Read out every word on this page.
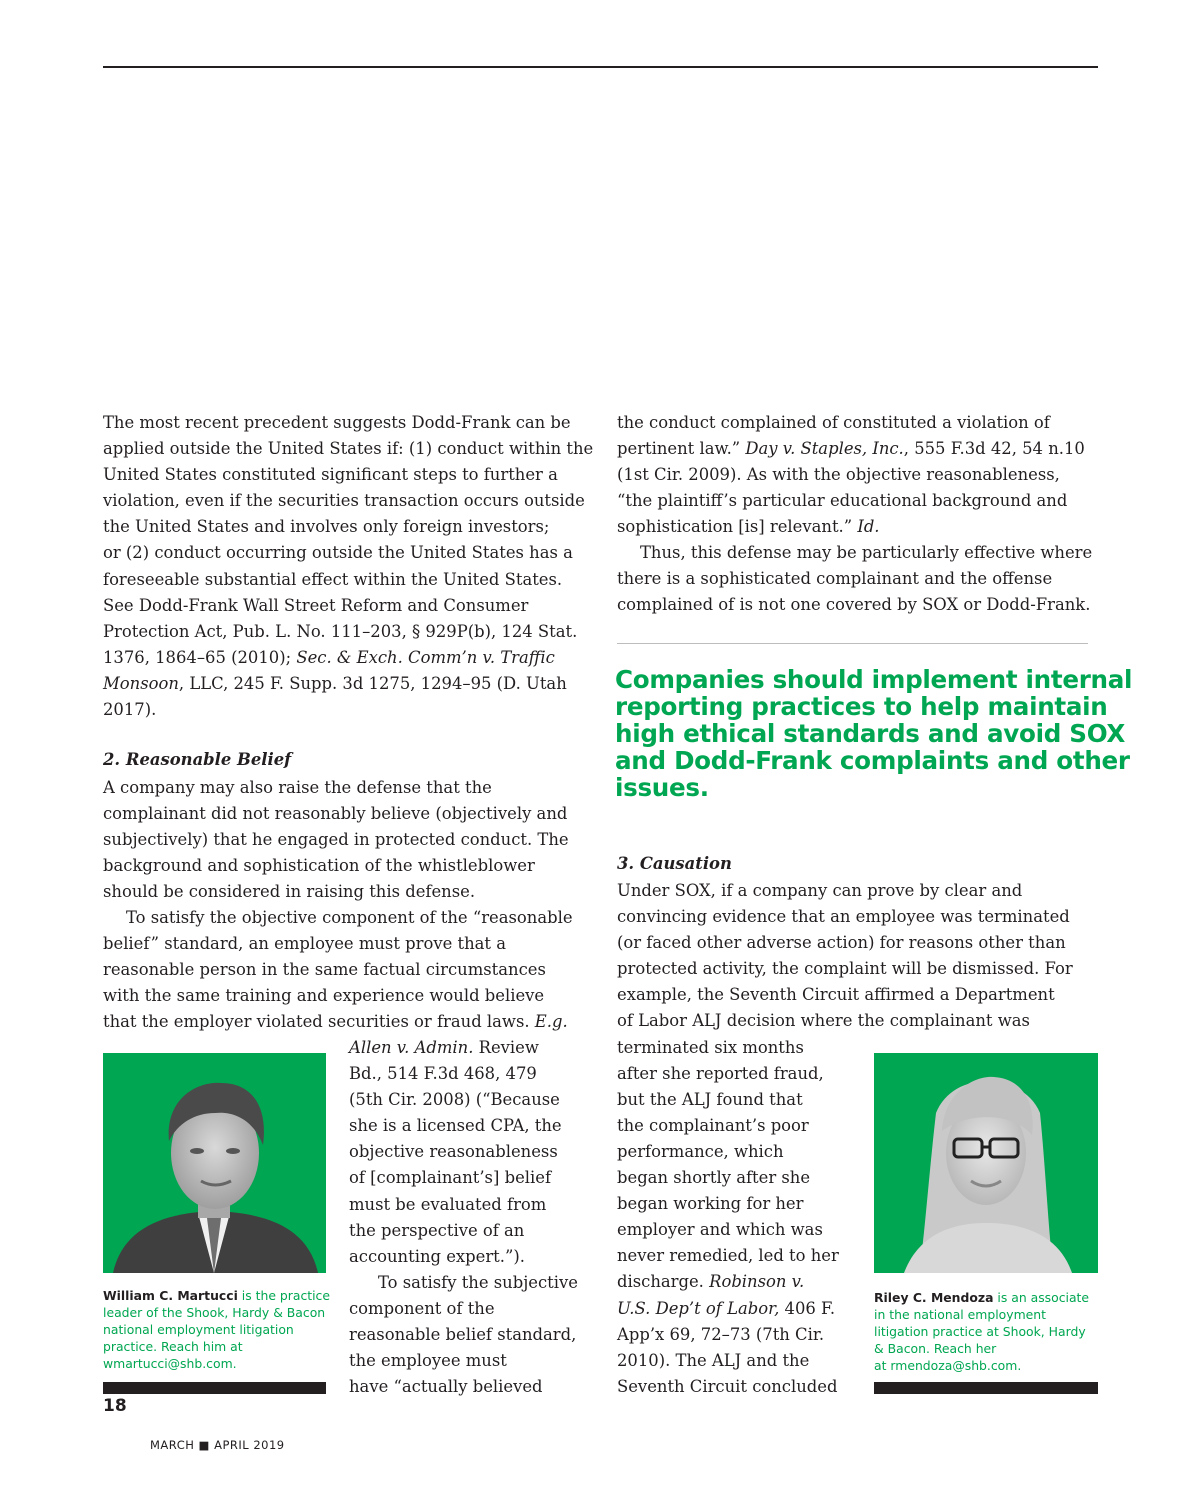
The most recent precedent suggests Dodd-Frank can be
applied outside the United States if: (1) conduct within the
United States constituted significant steps to further a
violation, even if the securities transaction occurs outside
the United States and involves only foreign investors;
or (2) conduct occurring outside the United States has a
foreseeable substantial effect within the United States.
See Dodd-Frank Wall Street Reform and Consumer
Protection Act, Pub. L. No. 111–203, § 929P(b), 124 Stat.
1376, 1864–65 (2010); Sec. & Exch. Comm’n v. Traffic
Monsoon, LLC, 245 F. Supp. 3d 1275, 1294–95 (D. Utah
2017).

2. Reasonable Belief

A company may also raise the defense that the
complainant did not reasonably believe (objectively and
subjectively) that he engaged in protected conduct. The
background and sophistication of the whistleblower
should be considered in raising this defense.

To satisfy the objective component of the “reasonable
belief” standard, an employee must prove that a
reasonable person in the same factual circumstances
with the same training and experience would believe
that the employer violated securities or fraud laws. E.g.

William C. Martucci is the practice
leader of the Shook, Hardy & Bacon
national employment litigation
practice. Reach him at
wmartucci@shb.com.

Allen v. Admin. Review
Bd., 514 F.3d 468, 479
(5th Cir. 2008) (“Because
she is a licensed CPA, the
objective reasonableness
of [complainant’s] belief
must be evaluated from
the perspective of an
accounting expert.”).
To satisfy the subjective
component of the
reasonable belief standard,
the employee must
have “actually believed

the conduct complained of constituted a violation of
pertinent law.” Day v. Staples, Inc., 555 F.3d 42, 54 n.10
(1st Cir. 2009). As with the objective reasonableness,
“the plaintiff’s particular educational background and
sophistication [is] relevant.” Id.

Thus, this defense may be particularly effective where
there is a sophisticated complainant and the offense
complained of is not one covered by SOX or Dodd-Frank.

Companies should implement internal
reporting practices to help maintain
high ethical standards and avoid SOX
and Dodd-Frank complaints and other
issues.

3. Causation

Under SOX, if a company can prove by clear and
convincing evidence that an employee was terminated
(or faced other adverse action) for reasons other than
protected activity, the complaint will be dismissed. For
example, the Seventh Circuit affirmed a Department
of Labor ALJ decision where the complainant was
terminated six months
after she reported fraud,
but the ALJ found that
the complainant’s poor
performance, which
began shortly after she
began working for her
employer and which was
never remedied, led to her
discharge. Robinson v.
U.S. Dep’t of Labor, 406 F.
App’x 69, 72–73 (7th Cir.
2010). The ALJ and the
Seventh Circuit concluded

Riley C. Mendoza is an associate
in the national employment
litigation practice at Shook, Hardy
& Bacon. Reach her
at rmendoza@shb.com.

18
MARCH ■ APRIL 2019
